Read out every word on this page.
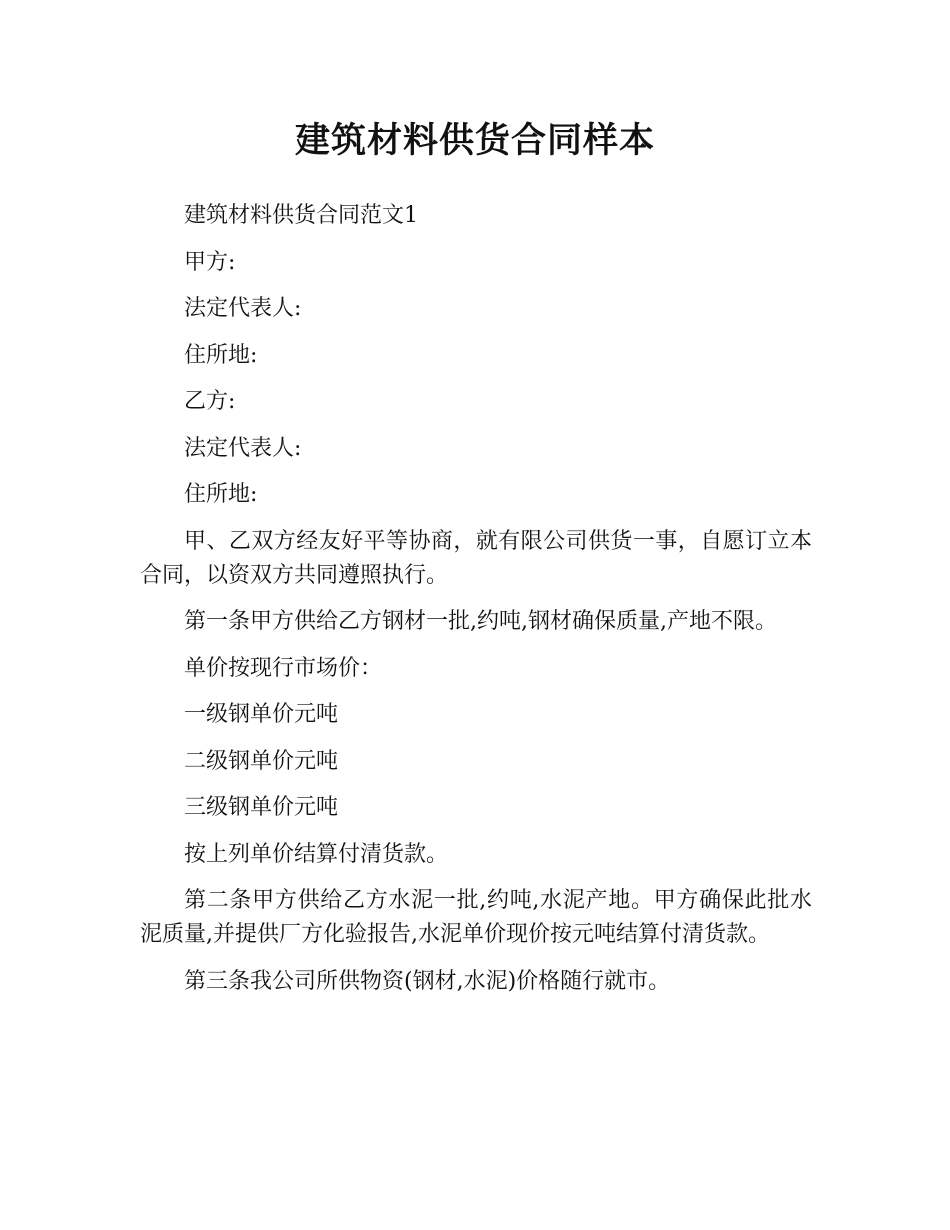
建筑材料供货合同样本

建筑材料供货合同范文1

甲方:

法定代表人:

住所地:

乙方:

法定代表人:

住所地:

甲、乙双方经友好平等协商，就有限公司供货一事，自愿订立本合同，以资双方共同遵照执行。

第一条甲方供给乙方钢材一批,约吨,钢材确保质量,产地不限。

单价按现行市场价：

一级钢单价元吨

二级钢单价元吨

三级钢单价元吨

按上列单价结算付清货款。

第二条甲方供给乙方水泥一批,约吨,水泥产地。甲方确保此批水泥质量,并提供厂方化验报告,水泥单价现价按元吨结算付清货款。

第三条我公司所供物资(钢材,水泥)价格随行就市。
